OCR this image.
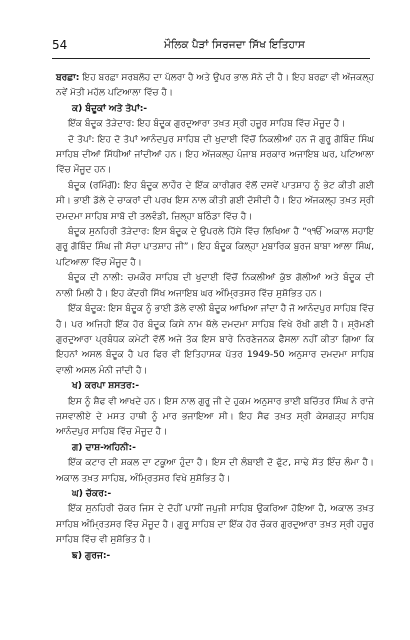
54	ਮੌਲਿਕ ਪੈੜਾਂ ਸਿਰਜਦਾ ਸਿੱਖ ਇਤਿਹਾਸ

ਬਰਛਾ: ਇਹ ਬਰਛਾ ਸਰਬਲੋਹ ਦਾ ਪੱਲਰਾ ਹੈ ਅਤੇ ਉਪਰ ਭਾਲ ਸੋਨੇ ਦੀ ਹੈ। ਇਹ ਬਰਛਾ ਵੀ ਅੱਜਕਲ੍ਹ ਨਵੇਂ ਮੋਤੀ ਮਹੱਲ ਪਟਿਆਲਾ ਵਿੱਚ ਹੈ।

ਕ) ਬੰਦੂਕਾਂ ਅਤੇ ਤੋਪਾਂ:-

ਇੱਕ ਬੰਦੂਕ ਤੋੜੇਦਾਰ: ਇਹ ਬੰਦੂਕ ਗੁਰਦੁਆਰਾ ਤਖ਼ਤ ਸ੍ਰੀ ਹਜ਼ੂਰ ਸਾਹਿਬ ਵਿੱਚ ਮੌਜੂਦ ਹੈ।

ਦੋ ਤੋਪਾਂ: ਇਹ ਦੋ ਤੋਪਾਂ ਆਨੰਦਪੁਰ ਸਾਹਿਬ ਦੀ ਖੁਦਾਈ ਵਿੱਚੋਂ ਨਿਕਲੀਆਂ ਹਨ ਜੋ ਗੁਰੂ ਗੋਬਿੰਦ ਸਿੰਘ ਸਾਹਿਬ ਦੀਆਂ ਸਿੱਧੀਆਂ ਜਾਂਦੀਆਂ ਹਨ। ਇਹ ਅੱਜਕਲ੍ਹ ਪੰਜਾਬ ਸਰਕਾਰ ਅਜਾਇਬ ਘਰ, ਪਟਿਆਲਾ ਵਿੱਚ ਮੌਜੂਦ ਹਨ।

ਬੰਦੂਕ (ਰਮਿੰਗੋਂ): ਇਹ ਬੰਦੂਕ ਲਾਹੌਰ ਦੇ ਇੱਕ ਕਾਰੀਗਰ ਵੱਲੋਂ ਦਸਵੇਂ ਪਾਤਸ਼ਾਹ ਨੂੰ ਭੇਟ ਕੀਤੀ ਗਈ ਸੀ। ਭਾਈ ਡੱਲੇ ਦੇ ਚਾਕਰਾਂ ਦੀ ਪਰਖ ਇਸ ਨਾਲ ਕੀਤੀ ਗਈ ਦੱਸੀਦੀ ਹੈ। ਇਹ ਅੱਜਕਲ੍ਹ ਤਖ਼ਤ ਸ੍ਰੀ ਦਮਦਮਾ ਸਾਹਿਬ ਸਾਬੋ ਦੀ ਤਲਵੰਡੀ, ਜ਼ਿਲ੍ਹਾ ਬਠਿੰਡਾ ਵਿੱਚ ਹੈ।

ਬੰਦੂਕ ਸੁਨਹਿਰੀ ਤੋੜੇਦਾਰ: ਇਸ ਬੰਦੂਕ ਦੇ ਉਪਰਲੇ ਹਿੱਸੇ ਵਿੱਚ ਲਿਖਿਆ ਹੈ “੧ੴ ਅਕਾਲ ਸਹਾਇ ਗੁਰੂ ਗੋਬਿੰਦ ਸਿੰਘ ਜੀ ਸੱਚਾ ਪਾਤਸ਼ਾਹ ਜੀ”। ਇਹ ਬੰਦੂਕ ਕਿਲ੍ਹਾ ਮੁਬਾਰਿਕ ਬੁਰਜ ਬਾਬਾ ਆਲਾ ਸਿੰਘ, ਪਟਿਆਲਾ ਵਿੱਚ ਮੌਜੂਦ ਹੈ।

ਬੰਦੂਕ ਦੀ ਨਾਲੀ: ਚਮਕੌਰ ਸਾਹਿਬ ਦੀ ਖੁਦਾਈ ਵਿੱਚੋਂ ਨਿਕਲੀਆਂ ਕੁੱਝ ਗੋਲੀਆਂ ਅਤੇ ਬੰਦੂਕ ਦੀ ਨਾਲੀ ਮਿਲੀ ਹੈ। ਇਹ ਕੇਂਦਰੀ ਸਿੱਖ ਅਜਾਇਬ ਘਰ ਅੰਮ੍ਰਿਤਸਰ ਵਿੱਚ ਸੁਸ਼ੋਭਿਤ ਹਨ।

ਇੱਕ ਬੰਦੂਕ: ਇਸ ਬੰਦੂਕ ਨੂੰ ਭਾਈ ਡੱਲੇ ਵਾਲੀ ਬੰਦੂਕ ਆਖਿਆ ਜਾਂਦਾ ਹੈ ਜੋ ਆਨੰਦਪੁਰ ਸਾਹਿਬ ਵਿੱਚ ਹੈ। ਪਰ ਅਜਿਹੀ ਇੱਕ ਹੋਰ ਬੰਦੂਕ ਕਿਸੇ ਨਾਮ ਥੱਲੇ ਦਮਦਮਾ ਸਾਹਿਬ ਵਿਖੇ ਰੱਖੀ ਗਈ ਹੈ। ਸ਼੍ਰੋਮਣੀ ਗੁਰਦੁਆਰਾ ਪ੍ਰਬੰਧਕ ਕਮੇਟੀ ਵੱਲੋਂ ਅਜੇ ਤੱਕ ਇਸ ਬਾਰੇ ਨਿਰਣੇਜਨਕ ਫੈਸਲਾ ਨਹੀਂ ਕੀਤਾ ਗਿਆ ਕਿ ਇਹਨਾਂ ਅਸਲ ਬੰਦੂਕ ਹੈ ਪਰ ਫਿਰ ਵੀ ਇਤਿਹਾਸਕ ਪੱਤਰ 1949-50 ਅਨੁਸਾਰ ਦਮਦਮਾ ਸਾਹਿਬ ਵਾਲੀ ਅਸਲ ਮੰਨੀ ਜਾਂਦੀ ਹੈ।

ਖ) ਕਰਪਾ ਸ਼ਸਤਰ:-

ਇਸ ਨੂੰ ਸ਼ੈਫ ਵੀ ਆਖਦੇ ਹਨ। ਇਸ ਨਾਲ ਗੁਰੂ ਜੀ ਦੇ ਹੁਕਮ ਅਨੁਸਾਰ ਭਾਈ ਬਚਿੱਤਰ ਸਿੰਘ ਨੇ ਰਾਜੇ ਜਸਵਾਲੀਏ ਦੇ ਮਸਤ ਹਾਥੀ ਨੂੰ ਮਾਰ ਭਜਾਇਆ ਸੀ। ਇਹ ਸੈਫ ਤਖ਼ਤ ਸ੍ਰੀ ਕੇਸਗੜ੍ਹ ਸਾਹਿਬ ਆਨੰਦਪੁਰ ਸਾਹਿਬ ਵਿੱਚ ਮੌਜੂਦ ਹੈ।

ਗ) ਦਾਸ਼-ਅਹਿਨੀ:-

ਇੱਕ ਕਟਾਰ ਦੀ ਸ਼ਕਲ ਦਾ ਟਕੂਆ ਹੁੰਦਾ ਹੈ। ਇਸ ਦੀ ਲੰਬਾਈ ਦੋ ਫੁੱਟ, ਸਾਢੇ ਸੱਤ ਇੰਚ ਲੰਮਾ ਹੈ। ਅਕਾਲ ਤਖ਼ਤ ਸਾਹਿਬ, ਅੰਮ੍ਰਿਤਸਰ ਵਿਖੇ ਸੁਸ਼ੋਭਿਤ ਹੈ।

ਘ) ਚੱਕਰ:-

ਇੱਕ ਸੁਨਹਿਰੀ ਚੱਕਰ ਜਿਸ ਦੇ ਦੋਹੀਂ ਪਾਸੀਂ ਜਪੁਜੀ ਸਾਹਿਬ ਉਕਰਿਆ ਹੋਇਆ ਹੈ, ਅਕਾਲ ਤਖ਼ਤ ਸਾਹਿਬ ਅੰਮ੍ਰਿਤਸਰ ਵਿੱਚ ਮੌਜੂਦ ਹੈ। ਗੁਰੂ ਸਾਹਿਬ ਦਾ ਇੱਕ ਹੋਰ ਚੱਕਰ ਗੁਰਦੁਆਰਾ ਤਖ਼ਤ ਸ੍ਰੀ ਹਜ਼ੂਰ ਸਾਹਿਬ ਵਿੱਚ ਵੀ ਸੁਸ਼ੋਭਿਤ ਹੈ।

ਙ) ਗੁਰਜ:-
